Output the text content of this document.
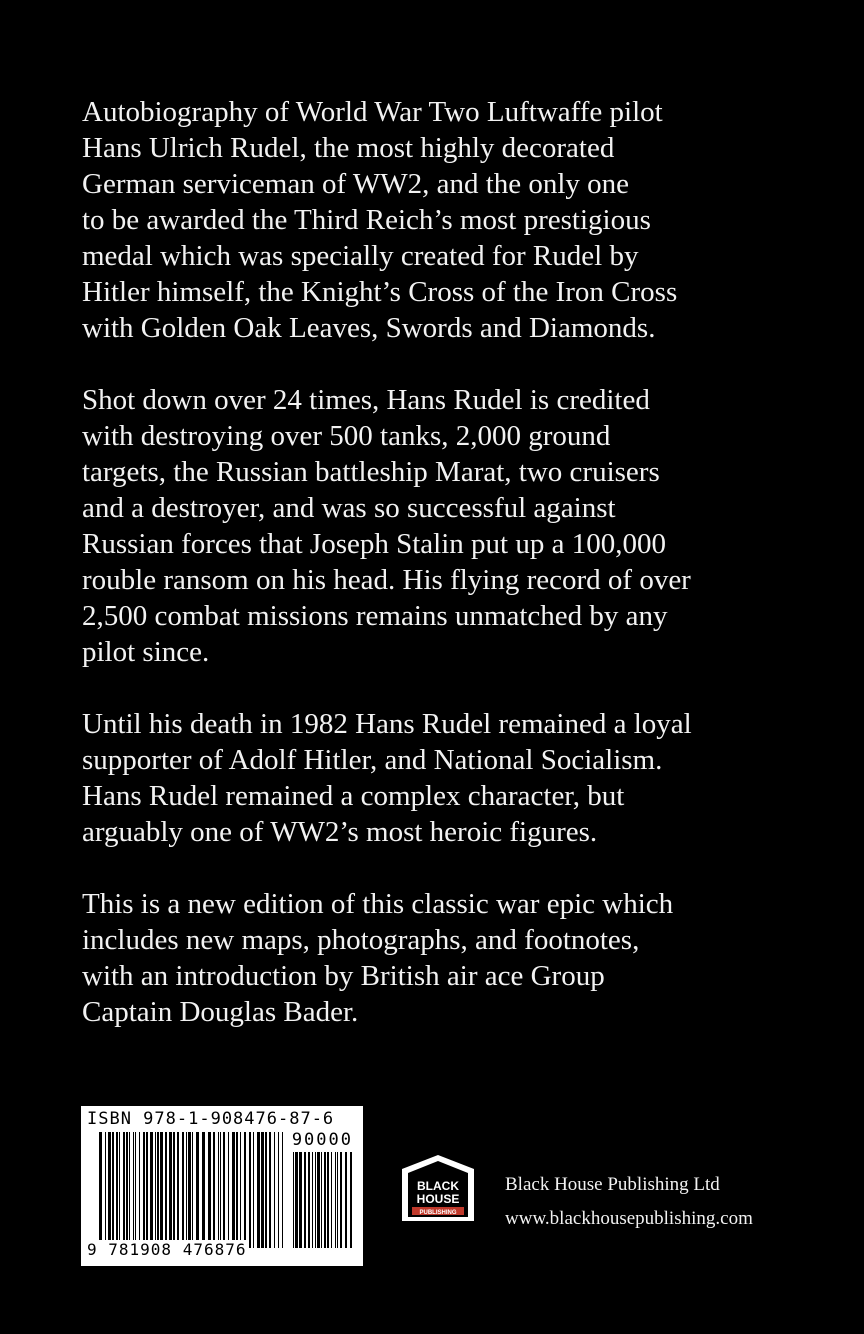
Autobiography of World War Two Luftwaffe pilot
Hans Ulrich Rudel, the most highly decorated
German serviceman of WW2, and the only one
to be awarded the Third Reich’s most prestigious
medal which was specially created for Rudel by
Hitler himself, the Knight’s Cross of the Iron Cross
with Golden Oak Leaves, Swords and Diamonds.

Shot down over 24 times, Hans Rudel is credited
with destroying over 500 tanks, 2,000 ground
targets, the Russian battleship Marat, two cruisers
and a destroyer, and was so successful against
Russian forces that Joseph Stalin put up a 100,000
rouble ransom on his head. His flying record of over
2,500 combat missions remains unmatched by any
pilot since.

Until his death in 1982 Hans Rudel remained a loyal
supporter of Adolf Hitler, and National Socialism.
Hans Rudel remained a complex character, but
arguably one of WW2’s most heroic figures.

This is a new edition of this classic war epic which
includes new maps, photographs, and footnotes,
with an introduction by British air ace Group
Captain Douglas Bader.

ISBN 978-1-908476-87-6
90000
9 781908 476876
BLACK
HOUSE
PUBLISHING
Black House Publishing Ltd
www.blackhousepublishing.com
